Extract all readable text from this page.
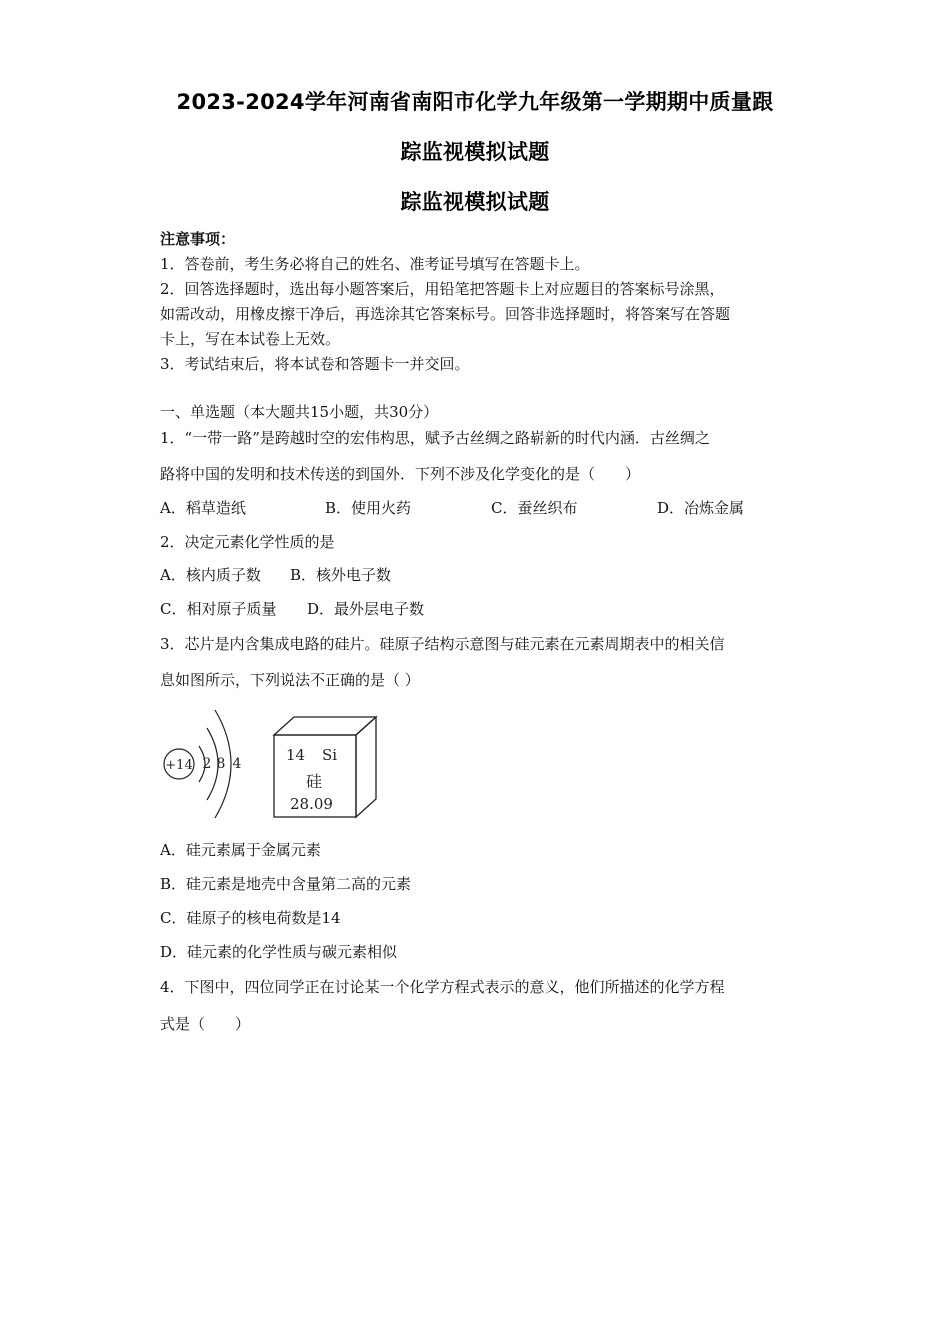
2023-2024学年河南省南阳市化学九年级第一学期期中质量跟
踪监视模拟试题
踪监视模拟试题
注意事项：
1．答卷前，考生务必将自己的姓名、准考证号填写在答题卡上。
2．回答选择题时，选出每小题答案后，用铅笔把答题卡上对应题目的答案标号涂黑，
如需改动，用橡皮擦干净后，再选涂其它答案标号。回答非选择题时，将答案写在答题
卡上，写在本试卷上无效。
3．考试结束后，将本试卷和答题卡一并交回。
一、单选题（本大题共15小题，共30分）
1．“一带一路”是跨越时空的宏伟构思，赋予古丝绸之路崭新的时代内涵．古丝绸之
路将中国的发明和技术传送的到国外．下列不涉及化学变化的是（　　）
A．稻草造纸	B．使用火药	C．蚕丝织布	D．冶炼金属
2．决定元素化学性质的是
A．核内质子数 B．核外电子数
C．相对原子质量 D．最外层电子数
3．芯片是内含集成电路的硅片。硅原子结构示意图与硅元素在元素周期表中的相关信
息如图所示，下列说法不正确的是（ ）
+14 2 8 4	14 Si
硅
28.09
A．硅元素属于金属元素
B．硅元素是地壳中含量第二高的元素
C．硅原子的核电荷数是14
D．硅元素的化学性质与碳元素相似
4．下图中，四位同学正在讨论某一个化学方程式表示的意义，他们所描述的化学方程
式是（　　）
